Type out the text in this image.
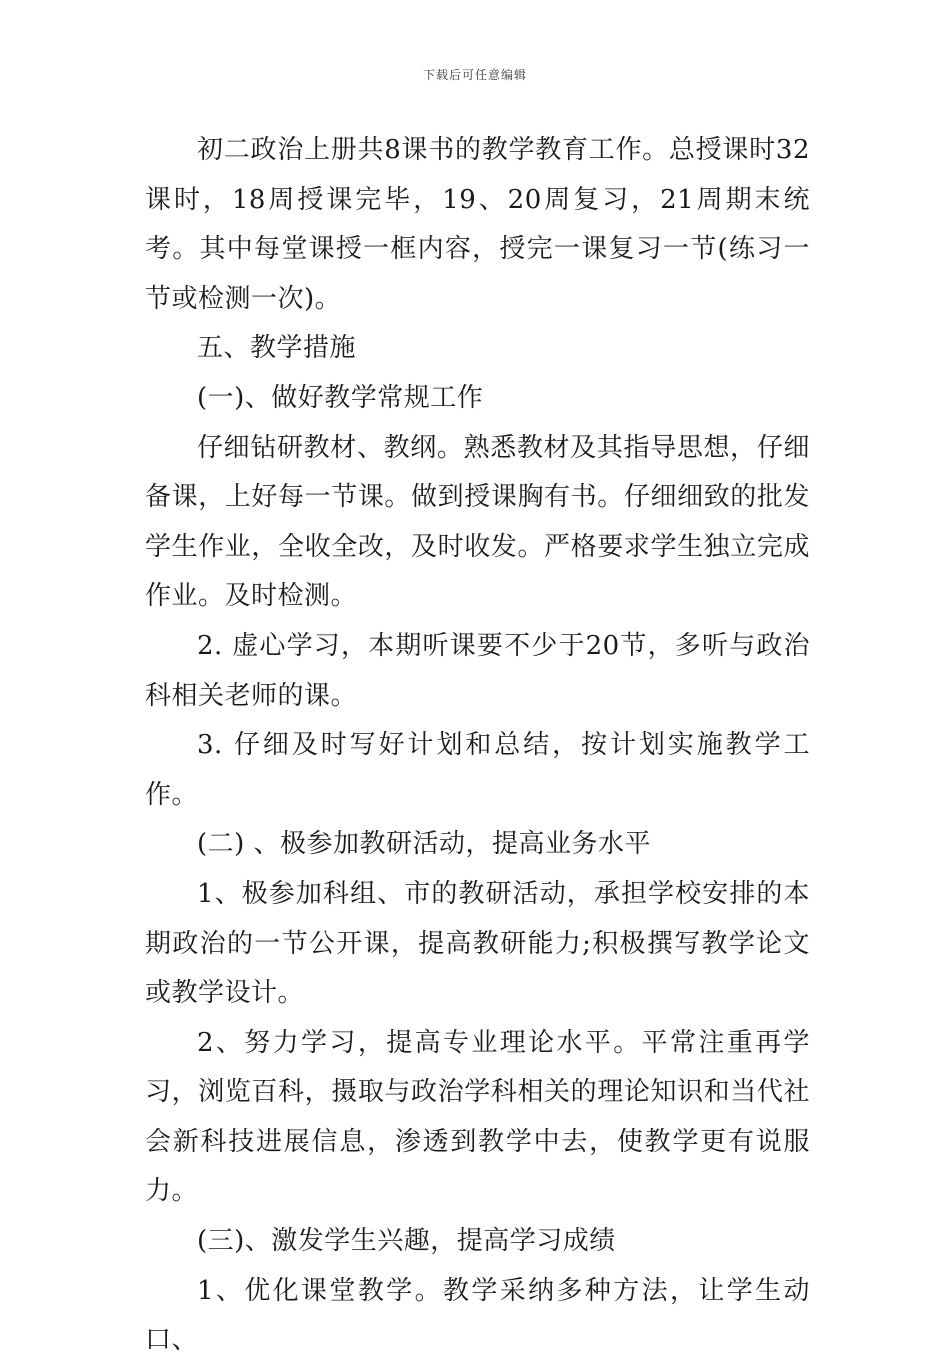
下载后可任意编辑

初二政治上册共8课书的教学教育工作。总授课时32课时，18周授课完毕，19、20周复习，21周期末统考。其中每堂课授一框内容，授完一课复习一节(练习一节或检测一次)。

五、教学措施

(一)、做好教学常规工作

仔细钻研教材、教纲。熟悉教材及其指导思想，仔细备课，上好每一节课。做到授课胸有书。仔细细致的批发学生作业，全收全改，及时收发。严格要求学生独立完成作业。及时检测。

2. 虚心学习，本期听课要不少于20节，多听与政治科相关老师的课。

3. 仔细及时写好计划和总结，按计划实施教学工作。

(二) 、极参加教研活动，提高业务水平

1、极参加科组、市的教研活动，承担学校安排的本期政治的一节公开课，提高教研能力;积极撰写教学论文或教学设计。

2、努力学习，提高专业理论水平。平常注重再学习，浏览百科，摄取与政治学科相关的理论知识和当代社会新科技进展信息，渗透到教学中去，使教学更有说服力。

(三)、激发学生兴趣，提高学习成绩

1、优化课堂教学。教学采纳多种方法，让学生动口、
